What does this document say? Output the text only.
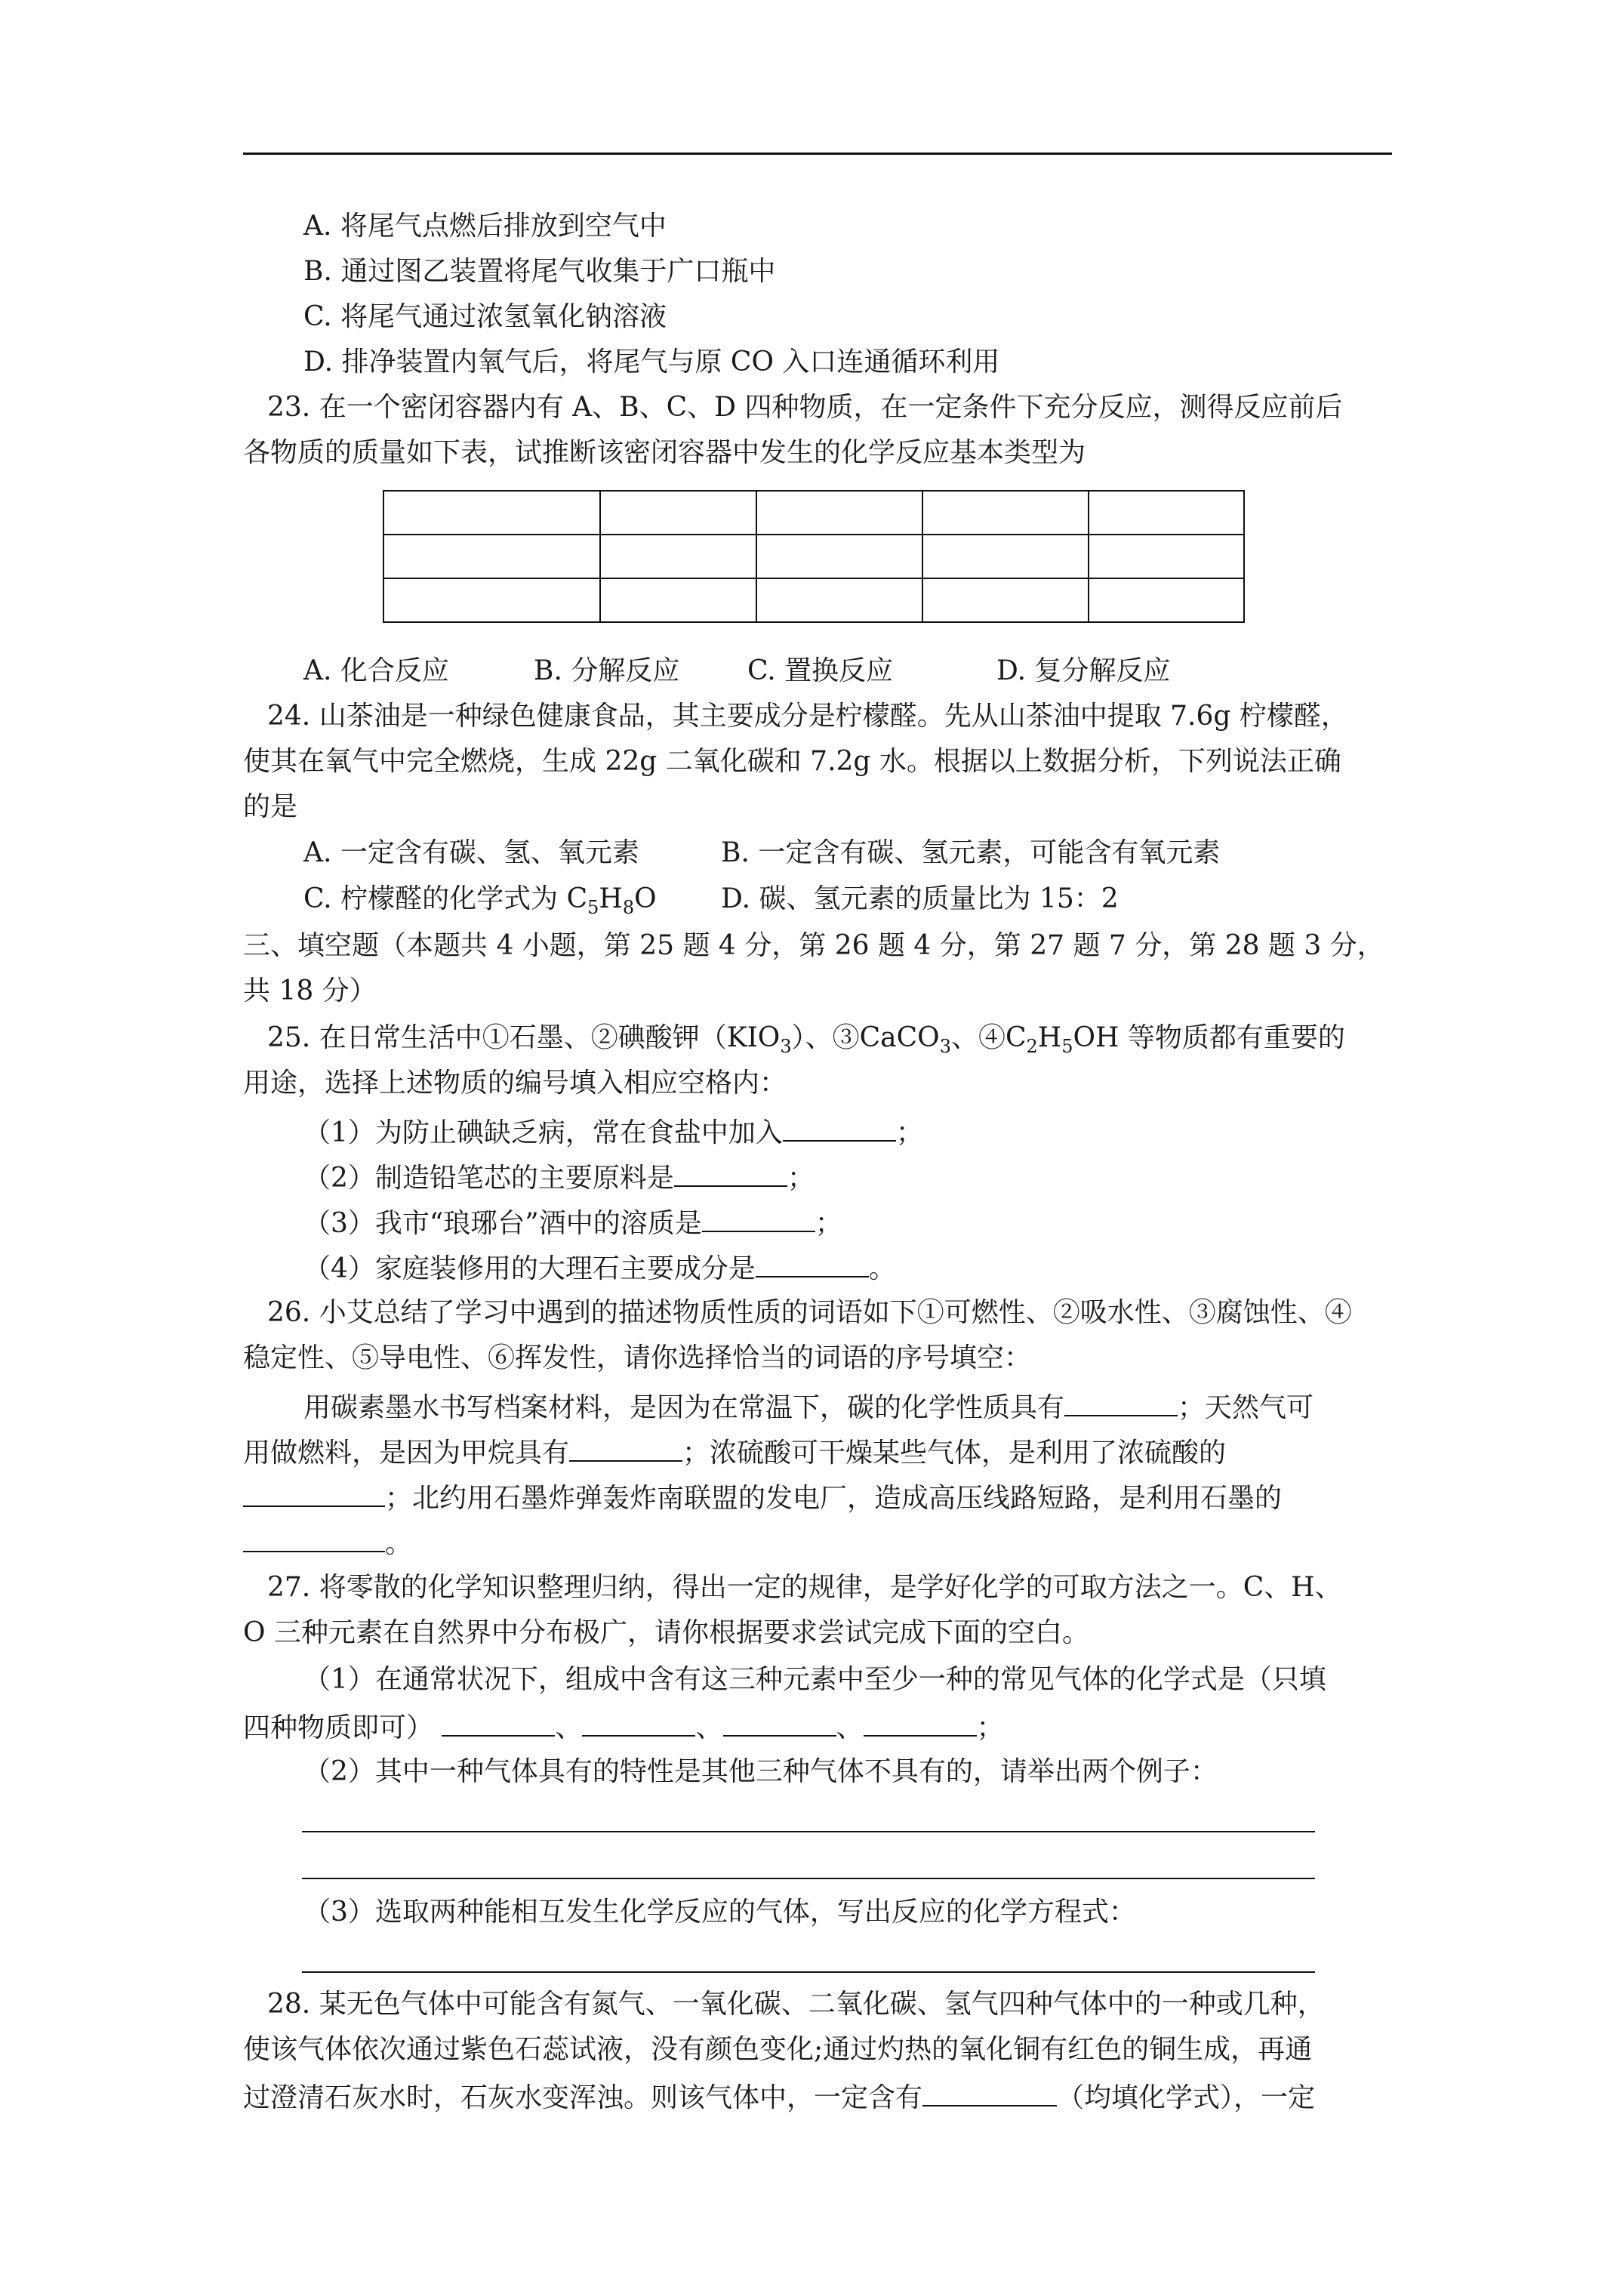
A. 将尾气点燃后排放到空气中
B. 通过图乙装置将尾气收集于广口瓶中
C. 将尾气通过浓氢氧化钠溶液
D. 排净装置内氧气后，将尾气与原 CO 入口连通循环利用
23. 在一个密闭容器内有 A、B、C、D 四种物质，在一定条件下充分反应，测得反应前后
各物质的质量如下表，试推断该密闭容器中发生的化学反应基本类型为

A. 化合反应	B. 分解反应 C. 置换反应	D. 复分解反应
24. 山茶油是一种绿色健康食品，其主要成分是柠檬醛。先从山茶油中提取 7.6g 柠檬醛，
使其在氧气中完全燃烧，生成 22g 二氧化碳和 7.2g 水。根据以上数据分析，下列说法正确
的是
A. 一定含有碳、氢、氧元素	B. 一定含有碳、氢元素，可能含有氧元素
C. 柠檬醛的化学式为 $C_5H_8O$ D. 碳、氢元素的质量比为 15：2
三、填空题（本题共 4 小题，第 25 题 4 分，第 26 题 4 分，第 27 题 7 分，第 28 题 3 分，
共 18 分）
25. 在日常生活中①石墨、②碘酸钾$(KIO_3)$、③CaCO$_3$、$④C_2H_5OH$ 等物质都有重要的
用途，选择上述物质的编号填入相应空格内：
（1）为防止碘缺乏病，常在食盐中加入	；
（2）制造铅笔芯的主要原料是	；
（3）我市“琅琊台”酒中的溶质是	；
（4）家庭装修用的大理石主要成分是	。
26. 小艾总结了学习中遇到的描述物质性质的词语如下①可燃性、②吸水性、③腐蚀性、④
稳定性、⑤导电性、⑥挥发性，请你选择恰当的词语的序号填空：
用碳素墨水书写档案材料，是因为在常温下，碳的化学性质具有	；天然气可
用做燃料，是因为甲烷具有	；浓硫酸可干燥某些气体，是利用了浓硫酸的
；北约用石墨炸弹轰炸南联盟的发电厂，造成高压线路短路，是利用石墨的
。
27. 将零散的化学知识整理归纳，得出一定的规律，是学好化学的可取方法之一。C、H、
O 三种元素在自然界中分布极广，请你根据要求尝试完成下面的空白。
（1）在通常状况下，组成中含有这三种元素中至少一种的常见气体的化学式是（只填
四种物质即可）	、	、	、	；
（2）其中一种气体具有的特性是其他三种气体不具有的，请举出两个例子：
（3）选取两种能相互发生化学反应的气体，写出反应的化学方程式：
28. 某无色气体中可能含有氮气、一氧化碳、二氧化碳、氢气四种气体中的一种或几种，
使该气体依次通过紫色石蕊试液，没有颜色变化;通过灼热的氧化铜有红色的铜生成，再通
过澄清石灰水时，石灰水变浑浊。则该气体中，一定含有	（均填化学式），一定
